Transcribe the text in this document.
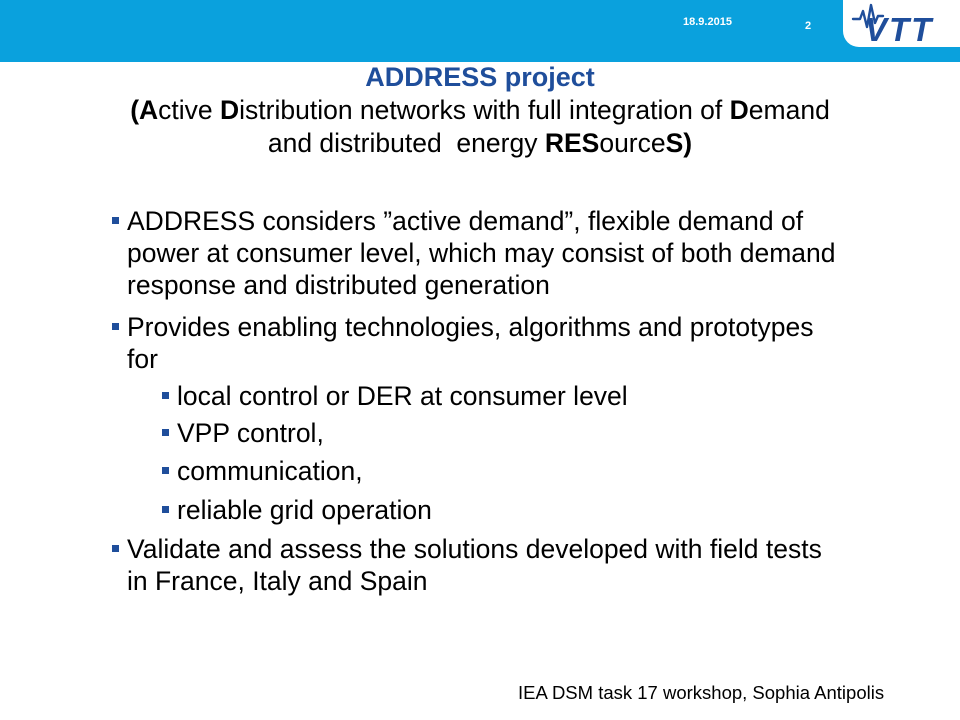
18.9.2015	2 VTT
ADDRESS project
(Active Distribution networks with full integration of Demand
and distributed  energy RESourceS)
ADDRESS considers ”active demand”, flexible demand of
power at consumer level, which may consist of both demand
response and distributed generation
Provides enabling technologies, algorithms and prototypes
for
local control or DER at consumer level
VPP control,
communication,
reliable grid operation
Validate and assess the solutions developed with field tests
in France, Italy and Spain
IEA DSM task 17 workshop, Sophia Antipolis
